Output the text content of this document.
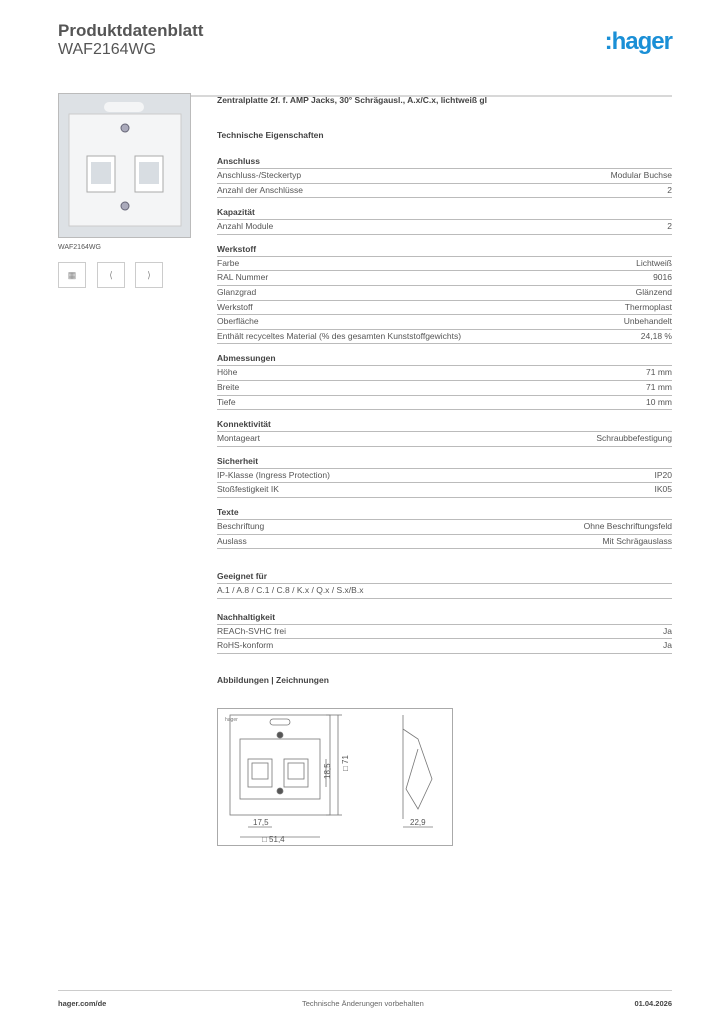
Produktdatenblatt
WAF2164WG	:hager
WAF2164WG
▦	⟨	⟩
Zentralplatte 2f. f. AMP Jacks, 30° Schrägausl., A.x/C.x, lichtweiß gl
Technische Eigenschaften
Anschluss
Anschluss-/Steckertyp	Modular Buchse
Anzahl der Anschlüsse	2
Kapazität
Anzahl Module	2
Werkstoff
Farbe	Lichtweiß
RAL Nummer	9016
Glanzgrad	Glänzend
Werkstoff	Thermoplast
Oberfläche	Unbehandelt
Enthält recyceltes Material (% des gesamten Kunststoffgewichts)	24,18 %
Abmessungen
Höhe	71 mm
Breite	71 mm
Tiefe	10 mm
Konnektivität
Montageart	Schraubbefestigung
Sicherheit
IP-Klasse (Ingress Protection)	IP20
Stoßfestigkeit IK	IK05
Texte
Beschriftung	Ohne Beschriftungsfeld
Auslass	Mit Schrägauslass
Geeignet für
A.1 / A.8 / C.1 / C.8 / K.x / Q.x / S.x/B.x
Nachhaltigkeit
REACh-SVHC frei	Ja
RoHS-konform	Ja
Abbildungen | Zeichnungen
hager
17,5
□ 51,4
18,5
□ 71
22,9
hager.com/de	Technische Änderungen vorbehalten	01.04.2026
